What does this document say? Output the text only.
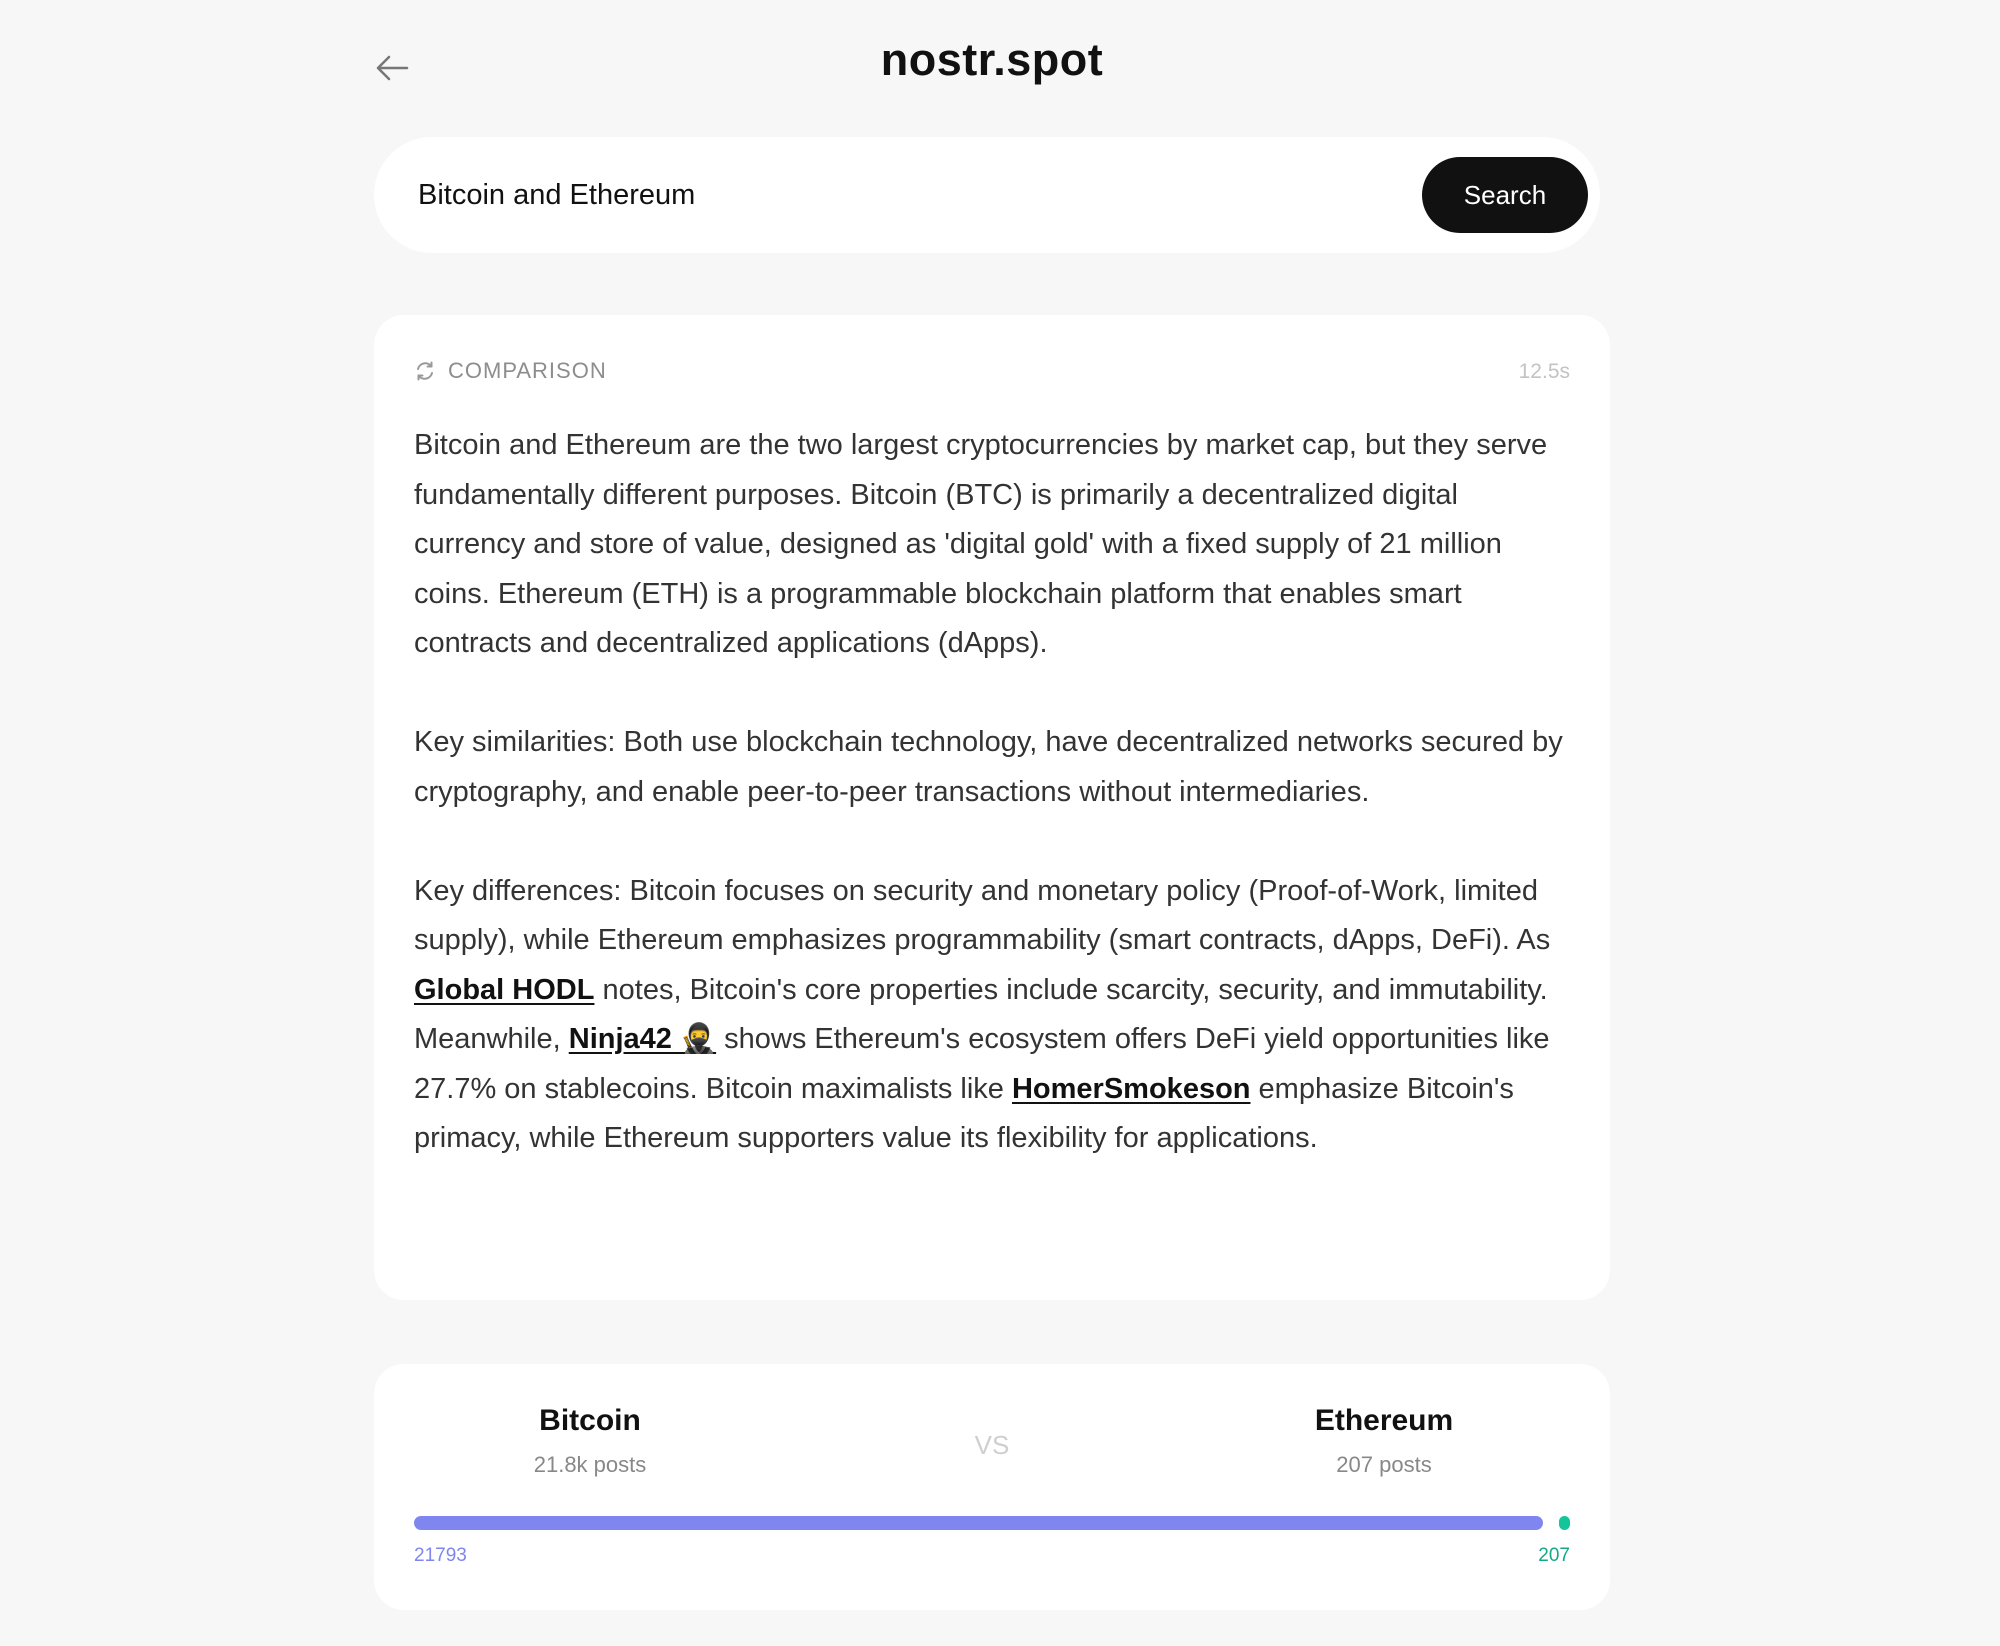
nostr.spot
Bitcoin and Ethereum
Search
COMPARISON	12.5s

Bitcoin and Ethereum are the two largest cryptocurrencies by market cap, but they serve fundamentally different purposes. Bitcoin (BTC) is primarily a decentralized digital currency and store of value, designed as 'digital gold' with a fixed supply of 21 million coins. Ethereum (ETH) is a programmable blockchain platform that enables smart contracts and decentralized applications (dApps).

Key similarities: Both use blockchain technology, have decentralized networks secured by cryptography, and enable peer-to-peer transactions without intermediaries.

Key differences: Bitcoin focuses on security and monetary policy (Proof-of-Work, limited supply), while Ethereum emphasizes programmability (smart contracts, dApps, DeFi). As Global HODL notes, Bitcoin's core properties include scarcity, security, and immutability. Meanwhile, Ninja42 🥷 shows Ethereum's ecosystem offers DeFi yield opportunities like 27.7% on stablecoins. Bitcoin maximalists like HomerSmokeson emphasize Bitcoin's primacy, while Ethereum supporters value its flexibility for applications.

Bitcoin
21.8k posts
VS
Ethereum
207 posts
21793	207
